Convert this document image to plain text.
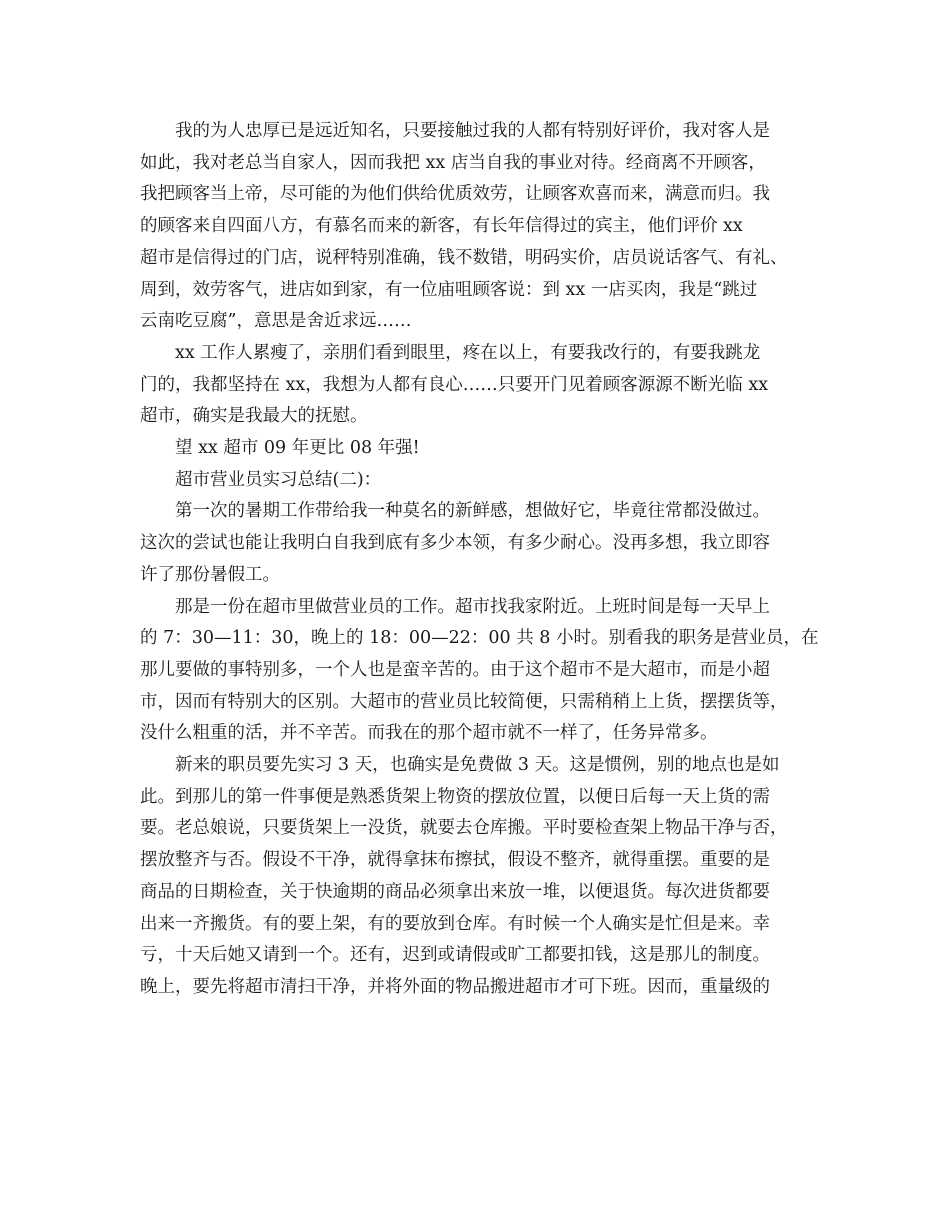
我的为人忠厚已是远近知名，只要接触过我的人都有特别好评价，我对客人是

如此，我对老总当自家人，因而我把 xx 店当自我的事业对待。经商离不开顾客，

我把顾客当上帝，尽可能的为他们供给优质效劳，让顾客欢喜而来，满意而归。我

的顾客来自四面八方，有慕名而来的新客，有长年信得过的宾主，他们评价 xx

超市是信得过的门店，说秤特别准确，钱不数错，明码实价，店员说话客气、有礼、

周到，效劳客气，进店如到家，有一位庙咀顾客说：到 xx 一店买肉，我是“跳过

云南吃豆腐”，意思是舍近求远……

xx 工作人累瘦了，亲朋们看到眼里，疼在以上，有要我改行的，有要我跳龙

门的，我都坚持在 xx，我想为人都有良心……只要开门见着顾客源源不断光临 xx

超市，确实是我最大的抚慰。

望 xx 超市 09 年更比 08 年强!

超市营业员实习总结(二)：

第一次的暑期工作带给我一种莫名的新鲜感，想做好它，毕竟往常都没做过。

这次的尝试也能让我明白自我到底有多少本领，有多少耐心。没再多想，我立即容

许了那份暑假工。

那是一份在超市里做营业员的工作。超市找我家附近。上班时间是每一天早上

的 7：30—11：30，晚上的 18：00—22：00 共 8 小时。别看我的职务是营业员，在

那儿要做的事特别多，一个人也是蛮辛苦的。由于这个超市不是大超市，而是小超

市，因而有特别大的区别。大超市的营业员比较简便，只需稍稍上上货，摆摆货等，

没什么粗重的活，并不辛苦。而我在的那个超市就不一样了，任务异常多。

新来的职员要先实习 3 天，也确实是免费做 3 天。这是惯例，别的地点也是如

此。到那儿的第一件事便是熟悉货架上物资的摆放位置，以便日后每一天上货的需

要。老总娘说，只要货架上一没货，就要去仓库搬。平时要检查架上物品干净与否，

摆放整齐与否。假设不干净，就得拿抹布擦拭，假设不整齐，就得重摆。重要的是

商品的日期检查，关于快逾期的商品必须拿出来放一堆，以便退货。每次进货都要

出来一齐搬货。有的要上架，有的要放到仓库。有时候一个人确实是忙但是来。幸

亏，十天后她又请到一个。还有，迟到或请假或旷工都要扣钱，这是那儿的制度。

晚上，要先将超市清扫干净，并将外面的物品搬进超市才可下班。因而，重量级的
